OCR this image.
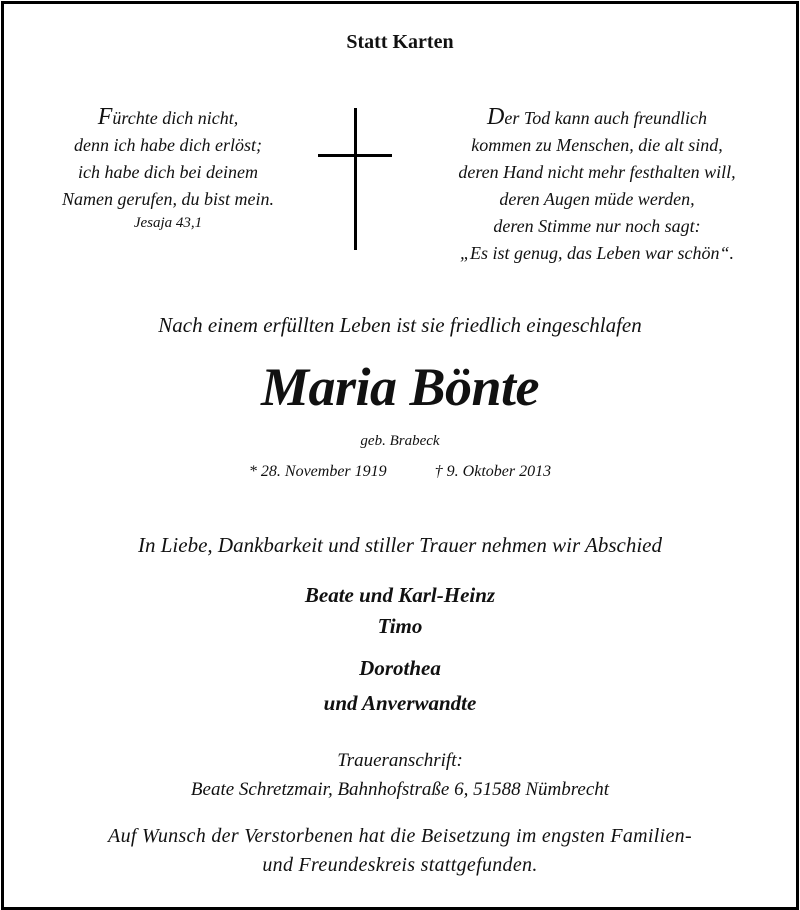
Statt Karten
Fürchte dich nicht,
denn ich habe dich erlöst;
ich habe dich bei deinem
Namen gerufen, du bist mein.
Jesaja 43,1
Der Tod kann auch freundlich
kommen zu Menschen, die alt sind,
deren Hand nicht mehr festhalten will,
deren Augen müde werden,
deren Stimme nur noch sagt:
„Es ist genug, das Leben war schön“.
Nach einem erfüllten Leben ist sie friedlich eingeschlafen
Maria Bönte
geb. Brabeck
* 28. November 1919	† 9. Oktober 2013
In Liebe, Dankbarkeit und stiller Trauer nehmen wir Abschied
Beate und Karl-Heinz
Timo
Dorothea
und Anverwandte
Traueranschrift:
Beate Schretzmair, Bahnhofstraße 6, 51588 Nümbrecht
Auf Wunsch der Verstorbenen hat die Beisetzung im engsten Familien-
und Freundeskreis stattgefunden.
